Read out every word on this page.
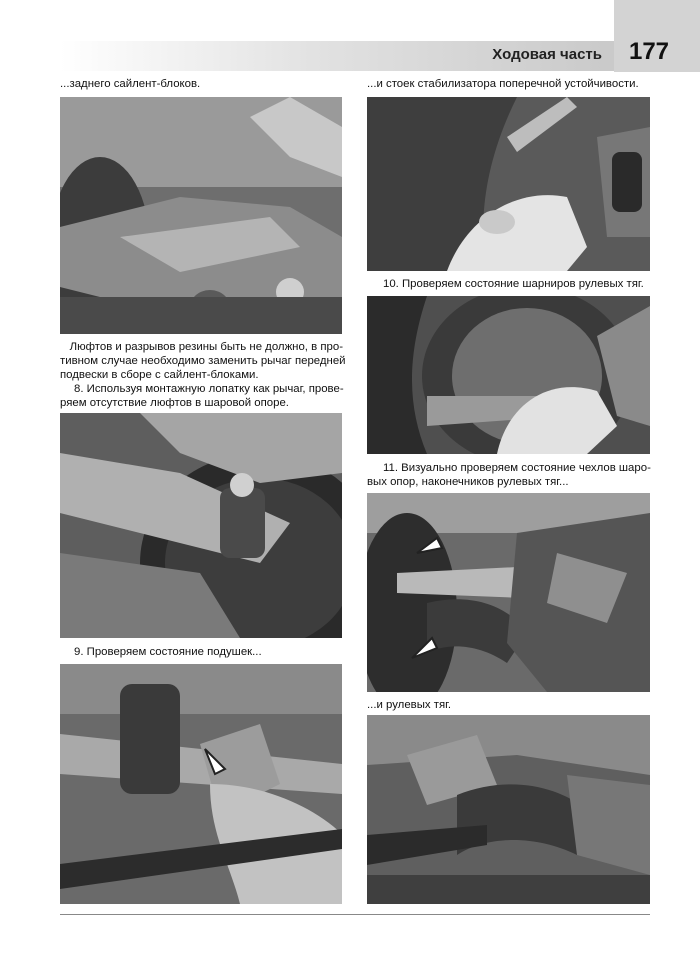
Ходовая часть	177
...заднего сайлент-блоков.
Люфтов и разрывов резины быть не должно, в про-
тивном случае необходимо заменить рычаг передней
подвески в сборе с сайлент-блоками.
8. Используя монтажную лопатку как рычаг, прове-
ряем отсутствие люфтов в шаровой опоре.
9. Проверяем состояние подушек...
...и стоек стабилизатора поперечной устойчивости.
10. Проверяем состояние шарниров рулевых тяг.
11. Визуально проверяем состояние чехлов шаро-
вых опор, наконечников рулевых тяг...
...и рулевых тяг.
